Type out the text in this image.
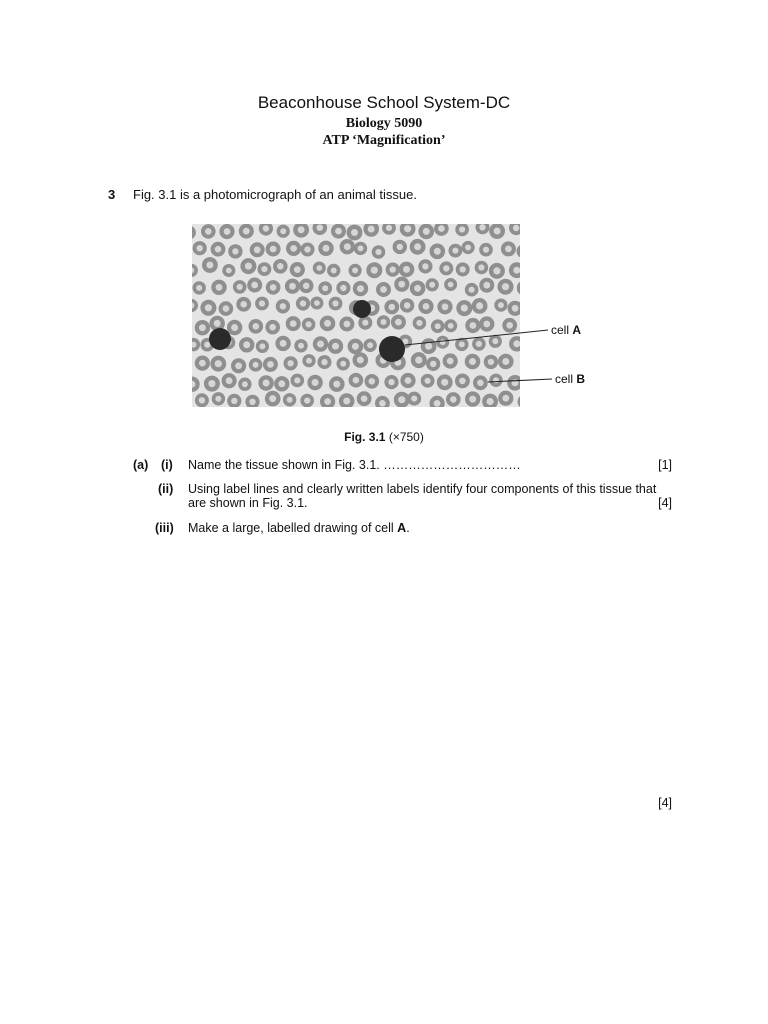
Beaconhouse School System-DC
Biology 5090
ATP ‘Magnification’
3 Fig. 3.1 is a photomicrograph of an animal tissue.
cell A
cell B
Fig. 3.1 (×750)
(a) (i) Name the tissue shown in Fig. 3.1. ……………………………	[1]
(ii) Using label lines and clearly written labels identify four components of this tissue that are shown in Fig. 3.1.	[4]
(iii) Make a large, labelled drawing of cell A.
[4]
